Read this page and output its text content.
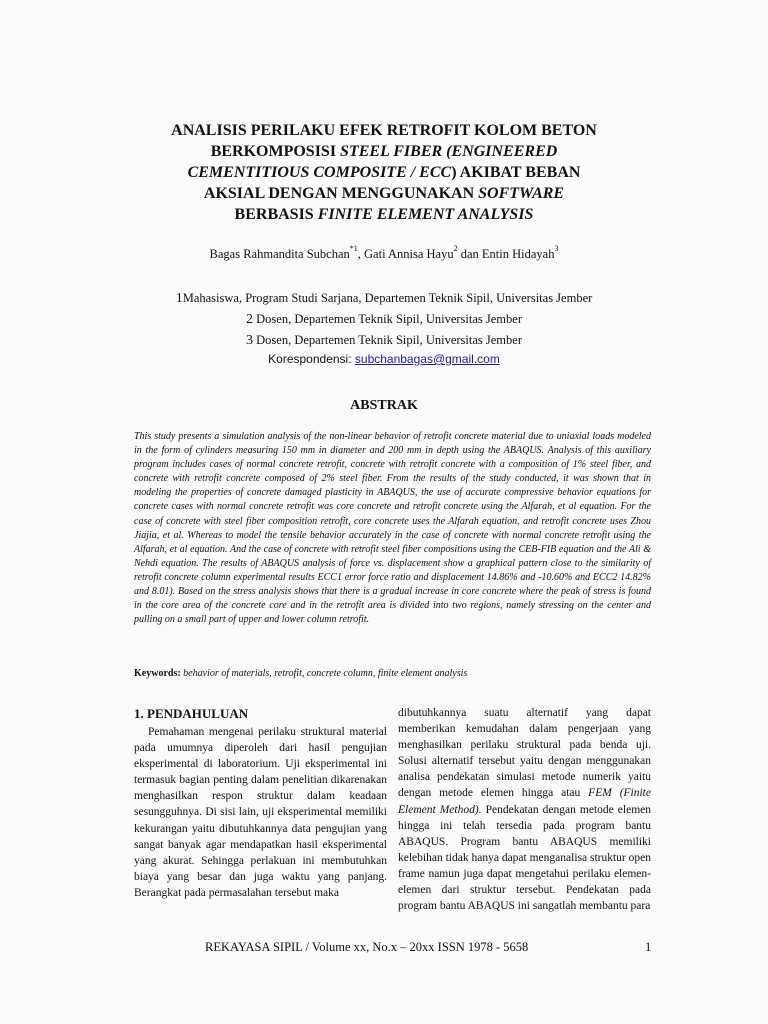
ANALISIS PERILAKU EFEK RETROFIT KOLOM BETON
BERKOMPOSISI STEEL FIBER (ENGINEERED
CEMENTITIOUS COMPOSITE / ECC) AKIBAT BEBAN
AKSIAL DENGAN MENGGUNAKAN SOFTWARE
BERBASIS FINITE ELEMENT ANALYSIS
Bagas Rahmandita Subchan$^{*1}$, Gati Annisa Hayu$^2$ dan Entin Hidayah$^3$
1Mahasiswa, Program Studi Sarjana, Departemen Teknik Sipil, Universitas Jember
2 Dosen, Departemen Teknik Sipil, Universitas Jember
3 Dosen, Departemen Teknik Sipil, Universitas Jember
Korespondensi: subchanbagas@gmail.com
ABSTRAK
This study presents a simulation analysis of the non-linear behavior of retrofit concrete material due to uniaxial loads modeled in the form of cylinders measuring 150 mm in diameter and 200 mm in depth using the ABAQUS. Analysis of this auxiliary program includes cases of normal concrete retrofit, concrete with retrofit concrete with a composition of 1% steel fiber, and concrete with retrofit concrete composed of 2% steel fiber. From the results of the study conducted, it was shown that in modeling the properties of concrete damaged plasticity in ABAQUS, the use of accurate compressive behavior equations for concrete cases with normal concrete retrofit was core concrete and retrofit concrete using the Alfarah, et al equation. For the case of concrete with steel fiber composition retrofit, core concrete uses the Alfarah equation, and retrofit concrete uses Zhou Jiajia, et al. Whereas to model the tensile behavior accurately in the case of concrete with normal concrete retrofit using the Alfarah, et al equation. And the case of concrete with retrofit steel fiber compositions using the CEB-FIB equation and the Ali & Nehdi equation. The results of ABAQUS analysis of force vs. displacement show a graphical pattern close to the similarity of retrofit concrete column experimental results ECC1 error force ratio and displacement 14.86% and -10.60% and ECC2 14.82% and 8.01). Based on the stress analysis shows that there is a gradual increase in core concrete where the peak of stress is found in the core area of the concrete core and in the retrofit area is divided into two regions, namely stressing on the center and pulling on a small part of upper and lower column retrofit.
Keywords: behavior of materials, retrofit, concrete column, finite element analysis
1. PENDAHULUAN
Pemahaman mengenai perilaku struktural material pada umumnya diperoleh dari hasil pengujian eksperimental di laboratorium. Uji eksperimental ini termasuk bagian penting dalam penelitian dikarenakan menghasilkan respon struktur dalam keadaan sesungguhnya. Di sisi lain, uji eksperimental memiliki kekurangan yaitu dibutuhkannya data pengujian yang sangat banyak agar mendapatkan hasil eksperimental yang akurat. Sehingga perlakuan ini membutuhkan biaya yang besar dan juga waktu yang panjang. Berangkat pada permasalahan tersebut maka
dibutuhkannya suatu alternatif yang dapat memberikan kemudahan dalam pengerjaan yang menghasilkan perilaku struktural pada benda uji. Solusi alternatif tersebut yaitu dengan menggunakan analisa pendekatan simulasi metode numerik yaitu dengan metode elemen hingga atau FEM (Finite Element Method). Pendekatan dengan metode elemen hingga ini telah tersedia pada program bantu ABAQUS. Program bantu ABAQUS memiliki kelebihan tidak hanya dapat menganalisa struktur open frame namun juga dapat mengetahui perilaku elemen-elemen dari struktur tersebut. Pendekatan pada program bantu ABAQUS ini sangatlah membantu para
REKAYASA SIPIL / Volume xx, No.x – 20xx ISSN 1978 - 5658	1
